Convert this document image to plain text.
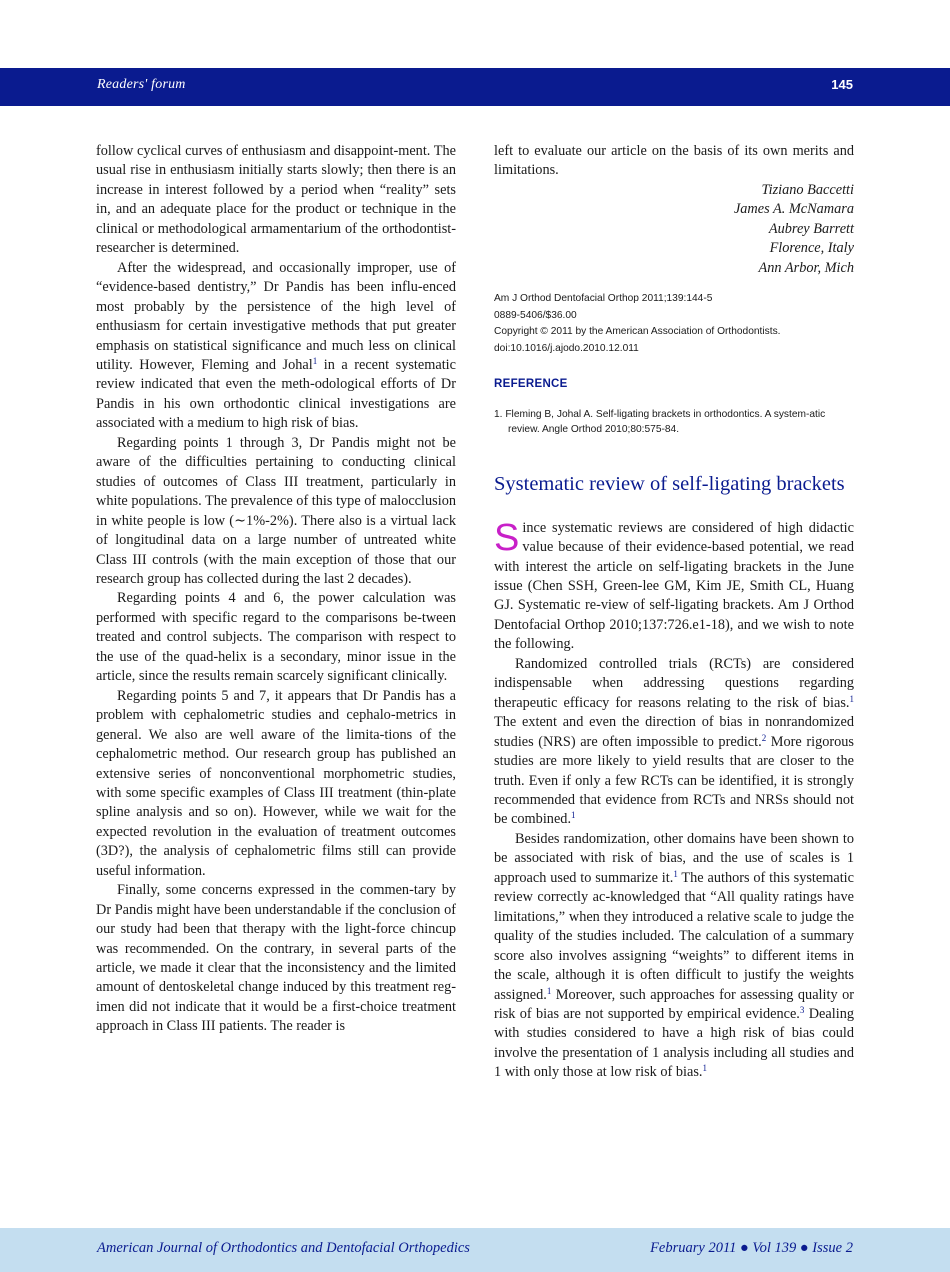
Readers' forum	145

follow cyclical curves of enthusiasm and disappoint-ment. The usual rise in enthusiasm initially starts slowly; then there is an increase in interest followed by a period when “reality” sets in, and an adequate place for the product or technique in the clinical or methodological armamentarium of the orthodontist-researcher is determined.

After the widespread, and occasionally improper, use of “evidence-based dentistry,” Dr Pandis has been influ-enced most probably by the persistence of the high level of enthusiasm for certain investigative methods that put greater emphasis on statistical significance and much less on clinical utility. However, Fleming and Johal$^1$ in a recent systematic review indicated that even the meth-odological efforts of Dr Pandis in his own orthodontic clinical investigations are associated with a medium to high risk of bias.

Regarding points 1 through 3, Dr Pandis might not be aware of the difficulties pertaining to conducting clinical studies of outcomes of Class III treatment, particularly in white populations. The prevalence of this type of malocclusion in white people is low (∼1%-2%). There also is a virtual lack of longitudinal data on a large number of untreated white Class III controls (with the main exception of those that our research group has collected during the last 2 decades).

Regarding points 4 and 6, the power calculation was performed with specific regard to the comparisons be-tween treated and control subjects. The comparison with respect to the use of the quad-helix is a secondary, minor issue in the article, since the results remain scarcely significant clinically.

Regarding points 5 and 7, it appears that Dr Pandis has a problem with cephalometric studies and cephalo-metrics in general. We also are well aware of the limita-tions of the cephalometric method. Our research group has published an extensive series of nonconventional morphometric studies, with some specific examples of Class III treatment (thin-plate spline analysis and so on). However, while we wait for the expected revolution in the evaluation of treatment outcomes (3D?), the analysis of cephalometric films still can provide useful information.

Finally, some concerns expressed in the commen-tary by Dr Pandis might have been understandable if the conclusion of our study had been that therapy with the light-force chincup was recommended. On the contrary, in several parts of the article, we made it clear that the inconsistency and the limited amount of dentoskeletal change induced by this treatment reg-imen did not indicate that it would be a first-choice treatment approach in Class III patients. The reader is

left to evaluate our article on the basis of its own merits and limitations.

Tiziano Baccetti

James A. McNamara

Aubrey Barrett

Florence, Italy

Ann Arbor, Mich

Am J Orthod Dentofacial Orthop 2011;139:144-5

0889-5406/$36.00

Copyright © 2011 by the American Association of Orthodontists.

doi:10.1016/j.ajodo.2010.12.011

REFERENCE
1. Fleming B, Johal A. Self-ligating brackets in orthodontics. A system-atic review. Angle Orthod 2010;80:575-84.
Systematic review of self-ligating brackets

Since systematic reviews are considered of high didactic value because of their evidence-based potential, we read with interest the article on self-ligating brackets in the June issue (Chen SSH, Green-lee GM, Kim JE, Smith CL, Huang GJ. Systematic re-view of self-ligating brackets. Am J Orthod Dentofacial Orthop 2010;137:726.e1-18), and we wish to note the following.

Randomized controlled trials (RCTs) are considered indispensable when addressing questions regarding therapeutic efficacy for reasons relating to the risk of bias.$^1$ The extent and even the direction of bias in nonrandomized studies (NRS) are often impossible to predict.$^2$ More rigorous studies are more likely to yield results that are closer to the truth. Even if only a few RCTs can be identified, it is strongly recommended that evidence from RCTs and NRSs should not be combined.$^1$

Besides randomization, other domains have been shown to be associated with risk of bias, and the use of scales is 1 approach used to summarize it.$^1$ The authors of this systematic review correctly ac-knowledged that “All quality ratings have limitations,” when they introduced a relative scale to judge the quality of the studies included. The calculation of a summary score also involves assigning “weights” to different items in the scale, although it is often difficult to justify the weights assigned.$^1$ Moreover, such approaches for assessing quality or risk of bias are not supported by empirical evidence.$^3$ Dealing with studies considered to have a high risk of bias could involve the presentation of 1 analysis including all studies and 1 with only those at low risk of bias.$^1$

American Journal of Orthodontics and Dentofacial Orthopedics	February 2011 ● Vol 139 ● Issue 2
